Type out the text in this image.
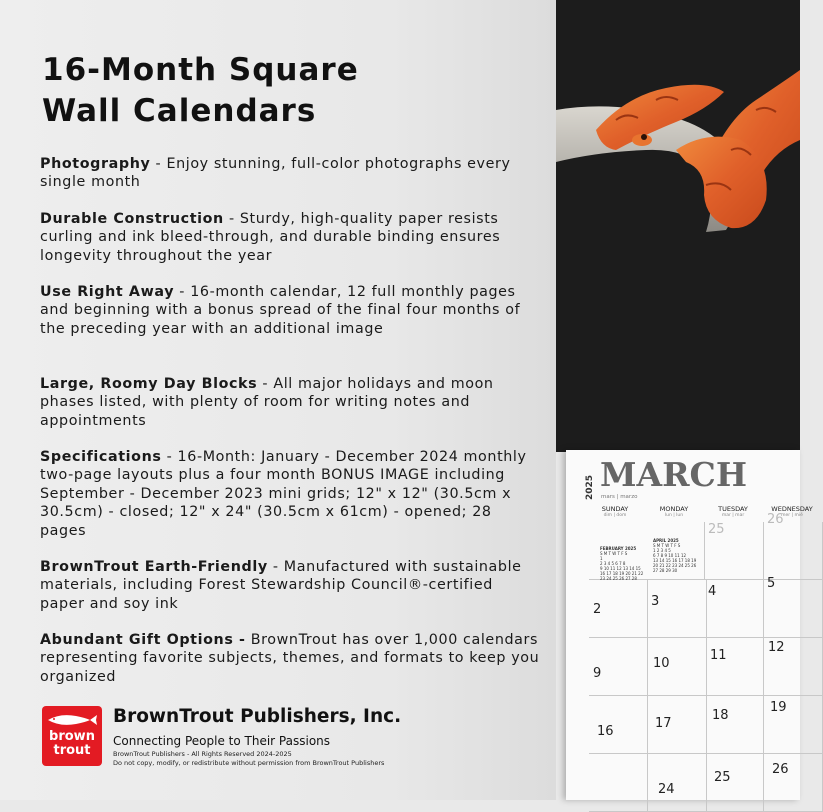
16-Month Square
Wall Calendars
Photography - Enjoy stunning, full-color photographs every single month
Durable Construction - Sturdy, high-quality paper resists curling and ink bleed-through, and durable binding ensures longevity throughout the year
Use Right Away - 16-month calendar, 12 full monthly pages and beginning with a bonus spread of the final four months of the preceding year with an additional image
Large, Roomy Day Blocks - All major holidays and moon phases listed, with plenty of room for writing notes and appointments
Specifications - 16-Month: January - December 2024 monthly two-page layouts plus a four month BONUS IMAGE including September - December 2023 mini grids; 12" x 12" (30.5cm x 30.5cm) - closed; 12" x 24" (30.5cm x 61cm) - opened; 28 pages
BrownTrout Earth-Friendly - Manufactured with sustainable materials, including Forest Stewardship Council®-certified paper and soy ink
Abundant Gift Options - BrownTrout has over 1,000 calendars representing favorite subjects, themes, and formats to keep you organized
brown
trout
BrownTrout Publishers, Inc.
Connecting People to Their Passions
BrownTrout Publishers - All Rights Reserved 2024-2025
Do not copy, modify, or redistribute without permission from BrownTrout Publishers
2025 MARCH
mars | marzo
SUNDAY
dim | dom
MONDAY
lun | lun
TUESDAY
mar | mar
WEDNESDAY
mer | mié
FEBRUARY 2025
S M T W T F S
1
2 3 4 5 6 7 8
9 10 11 12 13 14 15
16 17 18 19 20 21 22
23 24 25 26 27 28
APRIL 2025
S M T W T F S
1 2 3 4 5
6 7 8 9 10 11 12
13 14 15 16 17 18 19
20 21 22 23 24 25 26
27 28 29 30
25
26
4
5
2
3
9
10
11
12
16
17
18
19
24
25
26
